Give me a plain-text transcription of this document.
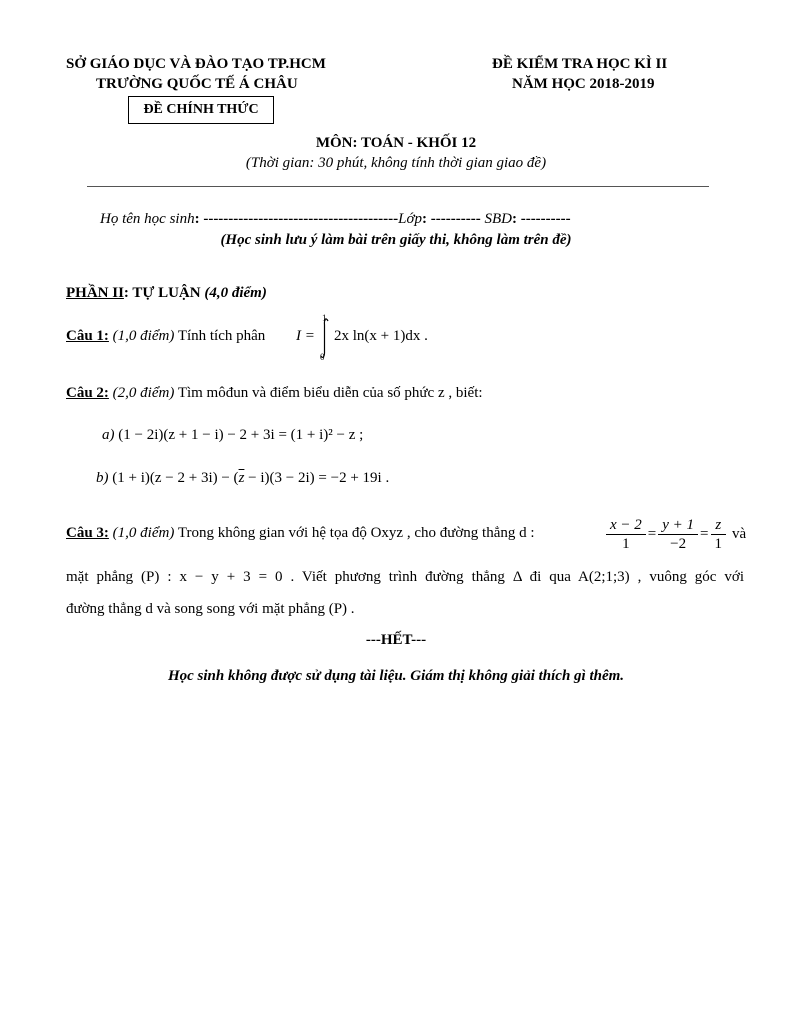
SỞ GIÁO DỤC VÀ ĐÀO TẠO TP.HCM
TRƯỜNG QUỐC TẾ Á CHÂU
ĐỀ CHÍNH THỨC
ĐỀ KIỂM TRA HỌC KÌ II
NĂM HỌC 2018-2019
MÔN: TOÁN - KHỐI 12
(Thời gian: 30 phút, không tính thời gian giao đề)
Họ tên học sinh: ---------------------------------------Lớp: ---------- SBD: ----------
(Học sinh lưu ý làm bài trên giấy thi, không làm trên đề)
PHẦN II: TỰ LUẬN (4,0 điểm)
Câu 1: (1,0 điểm) Tính tích phân I =
1
0
2x ln(x + 1)dx .
Câu 2: (2,0 điểm) Tìm môđun và điểm biểu diễn của số phức z , biết:
a) (1 − 2i)(z + 1 − i) − 2 + 3i = (1 + i)² − z ;
b) $(1 + i)(z - 2 + 3i) - (\overline{z} - i)(3 - 2i) = -2 + 19i$ .
Câu 3: (1,0 điểm) Trong không gian với hệ tọa độ Oxyz , cho đường thẳng d :	$\frac{x - 2}{1} = \frac{y + 1}{-2} = \frac{z}{1}$ và
mặt phẳng (P) : x − y + 3 = 0 . Viết phương trình đường thẳng Δ đi qua A(2;1;3) , vuông góc với
đường thẳng d và song song với mặt phẳng (P) .
---HẾT---
Học sinh không được sử dụng tài liệu. Giám thị không giải thích gì thêm.
